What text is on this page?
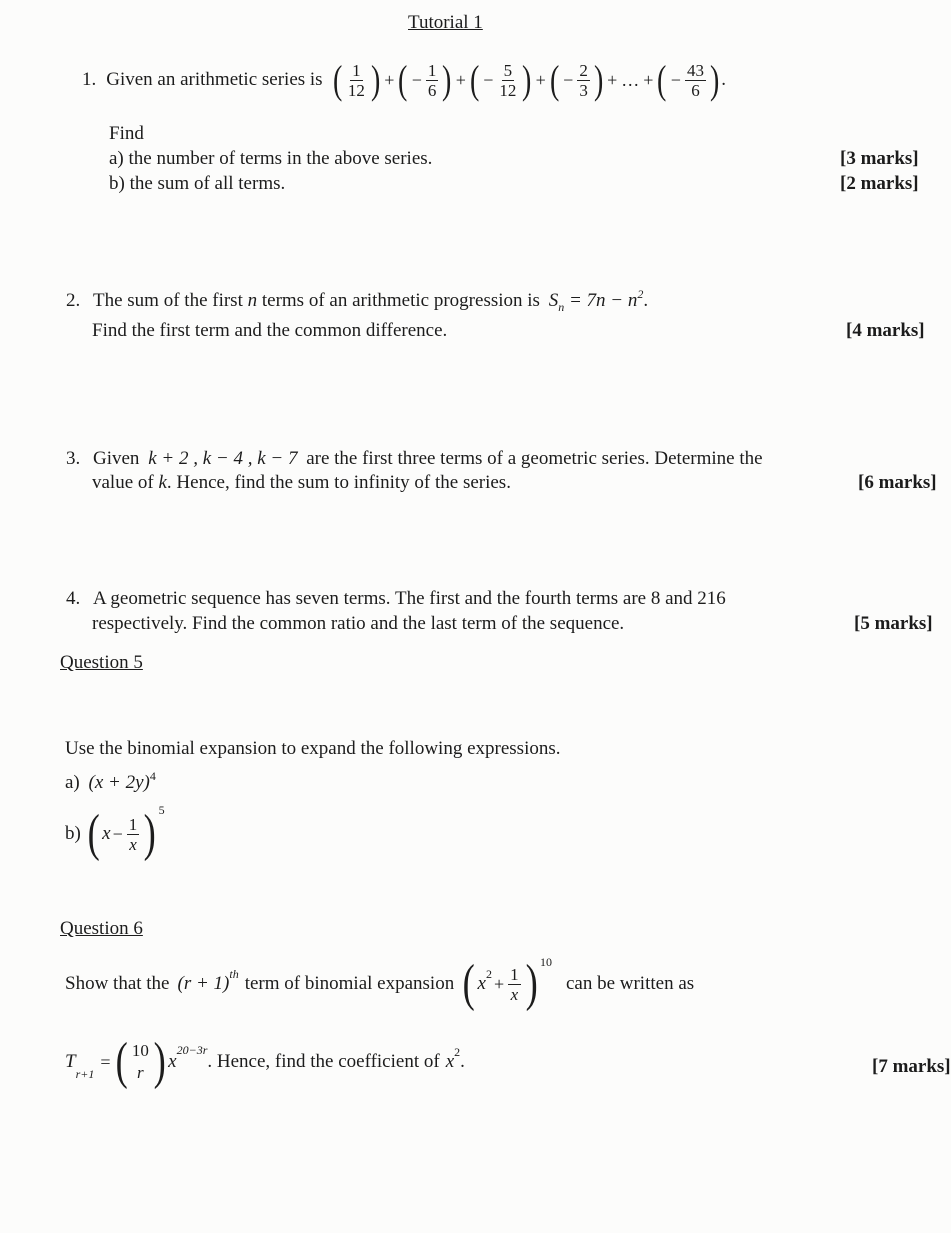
Tutorial 1
1. Given an arithmetic series is ( $\frac{1}{12}$ ) + ( − $\frac{1}{6}$ ) + ( − $\frac{5}{12}$ ) + ( − $\frac{2}{3}$ ) + … + ( − $\frac{43}{6}$ ) .
Find
a) the number of terms in the above series.	[3 marks]
b) the sum of all terms.	[2 marks]
2. The sum of the first n terms of an arithmetic progression is $S_n = 7n - n^2$.
Find the first term and the common difference.	[4 marks]
3. Given k + 2 , k − 4 , k − 7 are the first three terms of a geometric series. Determine the
value of k. Hence, find the sum to infinity of the series.	[6 marks]
4. A geometric sequence has seven terms. The first and the fourth terms are 8 and 216
respectively. Find the common ratio and the last term of the sequence.	[5 marks]
Question 5
Use the binomial expansion to expand the following expressions.
a) $(x + 2y)^4$
b) ( $x - \frac{1}{x}$ ) 5
Question 6
Show that the (r + 1) th term of binomial expansion ( x $2 + \frac{1}{x}$ ) 10
can be written as
T
r+1
= ( 10
r ) x
20−3r
. Hence, find the coefficient of x 2 .	[7 marks]
